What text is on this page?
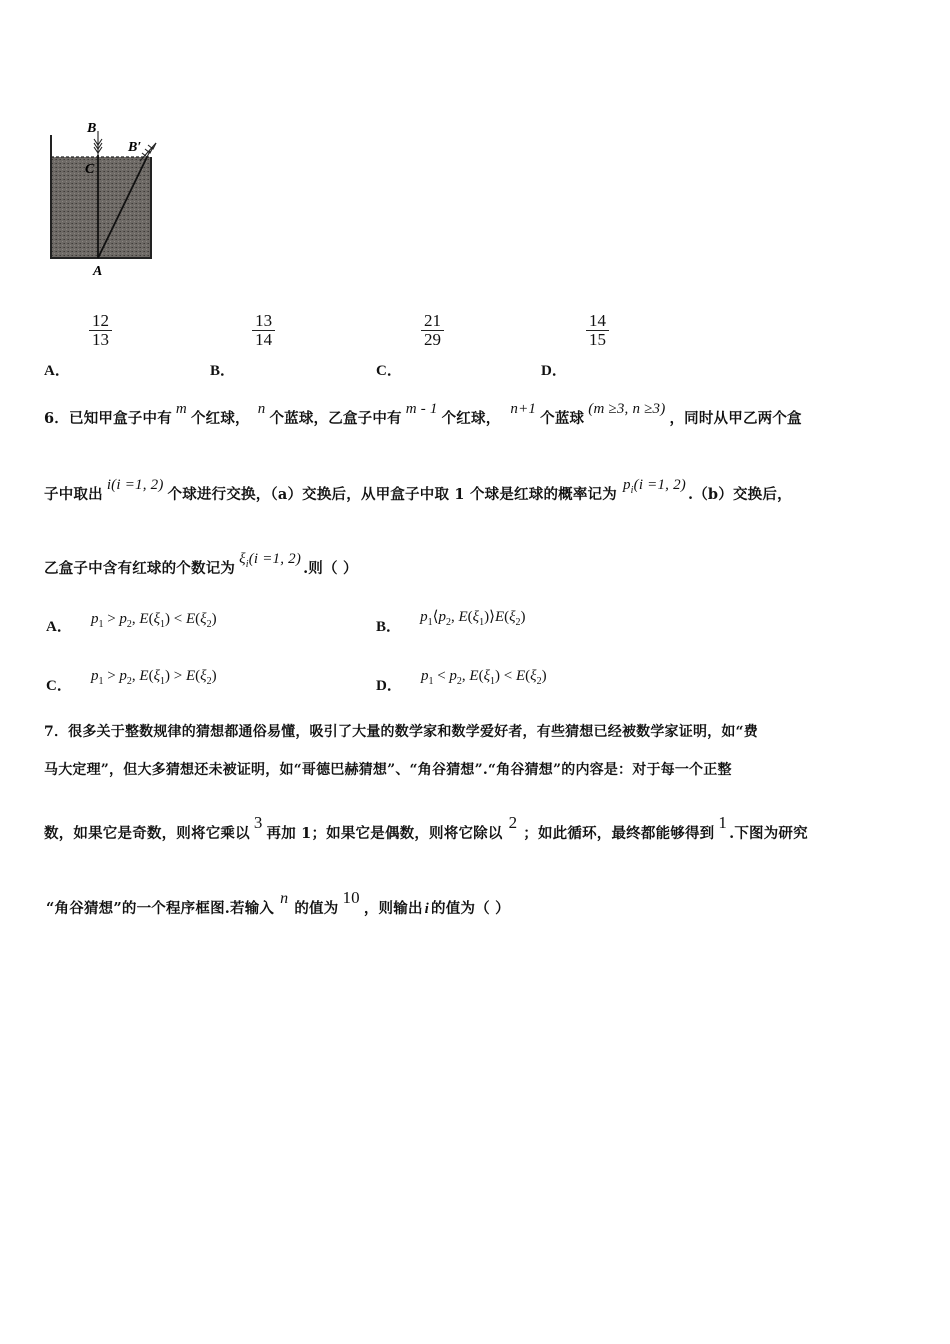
B
C
B′
A
A．
$\frac{12}{13}$
B．
$\frac{13}{14}$
C．
$\frac{21}{29}$
D．
$\frac{14}{15}$
6．已知甲盒子中有m个红球，n个蓝球，乙盒子中有m - 1个红球，n+1个蓝球(m ≥3, n ≥3)，同时从甲乙两个盒
子中取出i(i =1, 2)个球进行交换，（a）交换后，从甲盒子中取 1 个球是红球的概率记为$p_i(i =1$, 2).（b）交换后，
乙盒子中含有红球的个数记为$\xi_i(i =1$, 2).则（ ）
A． $p_1 > p_2$, $E(\xi_1) < E(\xi_2)$	B． $p_1⟨p_2$, $E(\xi_1)⟩E(\xi_2)$
C． $p_1 > p_2$, $E(\xi_1) > E(\xi_2)$
D． $p_1 < p_2$, $E(\xi_1) < E(\xi_2)$
7．很多关于整数规律的猜想都通俗易懂，吸引了大量的数学家和数学爱好者，有些猜想已经被数学家证明，如“费
马大定理”，但大多猜想还未被证明，如“哥德巴赫猜想”、“角谷猜想”.“角谷猜想”的内容是：对于每一个正整
数，如果它是奇数，则将它乘以3再加 1；如果它是偶数，则将它除以2；如此循环，最终都能够得到1.下图为研究
“角谷猜想”的一个程序框图.若输入n的值为10，则输出 i 的值为（ ）
